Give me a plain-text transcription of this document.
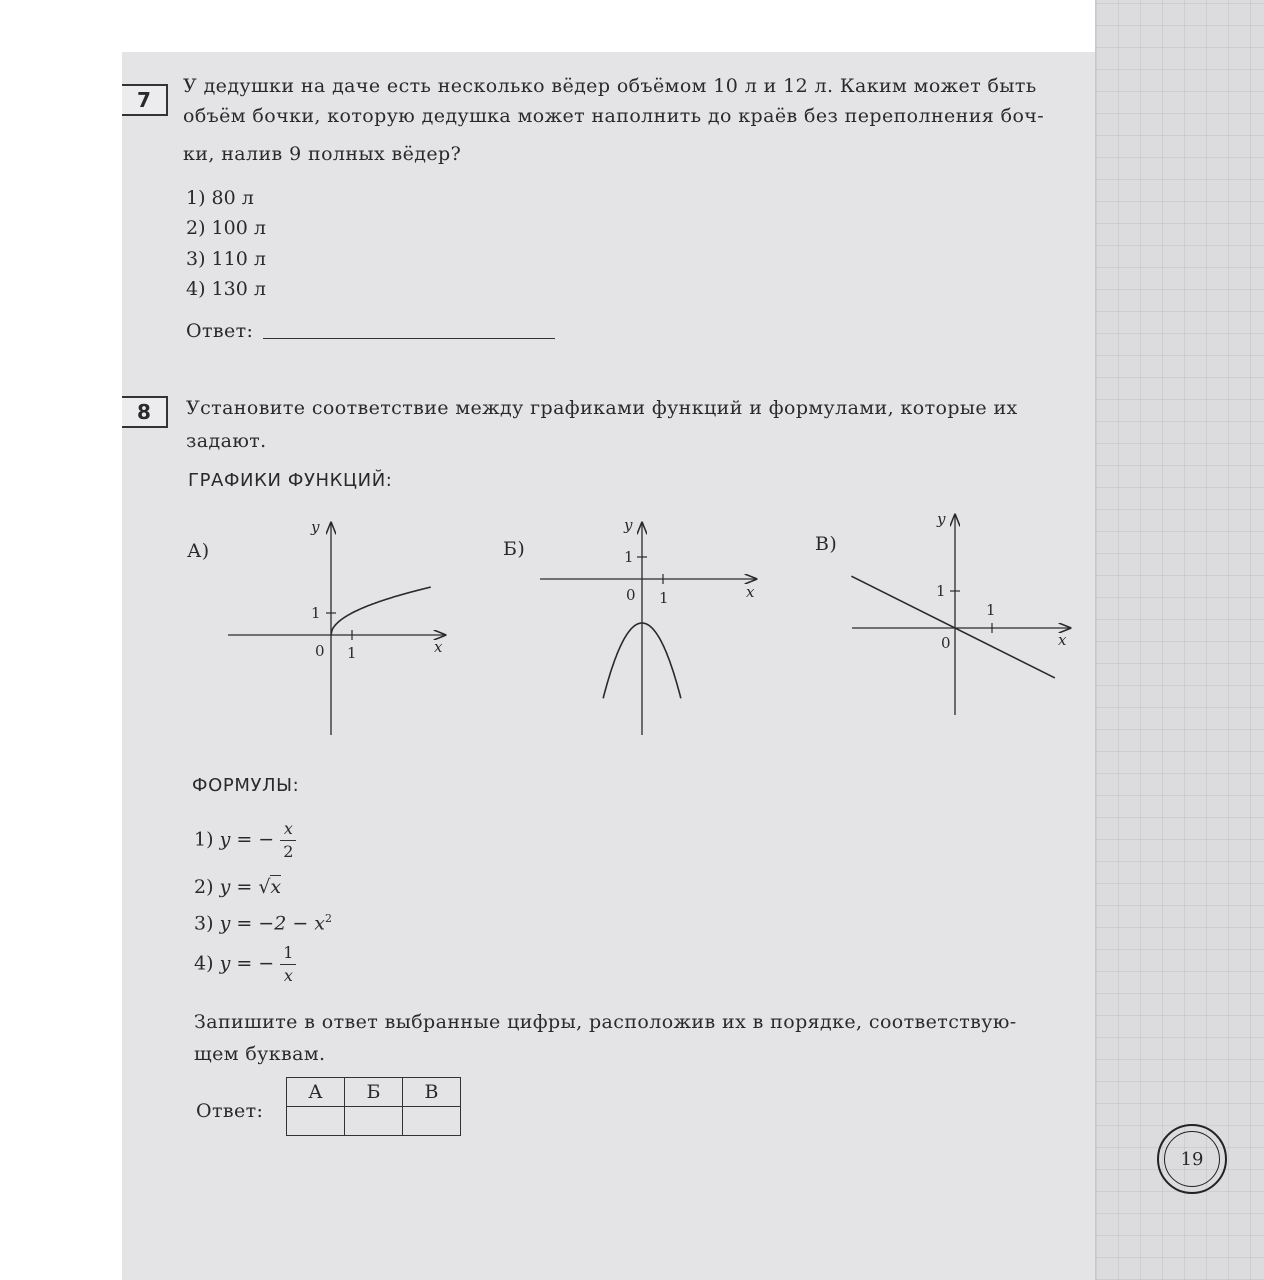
7
У дедушки на даче есть несколько вёдер объёмом 10 л и 12 л. Каким может быть
объём бочки, которую дедушка может наполнить до краёв без переполнения боч-
ки, налив 9 полных вёдер?
1) 80 л
2) 100 л
3) 110 л
4) 130 л
Ответ:
8	Установите соответствие между графиками функций и формулами, которые их
задают.
ГРАФИКИ ФУНКЦИЙ:
А)
y
x
0 1
1
Б)
y
x
0 1
1
В)
y
x
0
1
1
ФОРМУЛЫ:
1) y = − $\frac{x}{2}$
2) y = √x
3) $y = -2 - x^2$
4) y = − $\frac{1}{x}$
Запишите в ответ выбранные цифры, расположив их в порядке, соответствую-
щем буквам.
Ответ:
А	Б	В

19
